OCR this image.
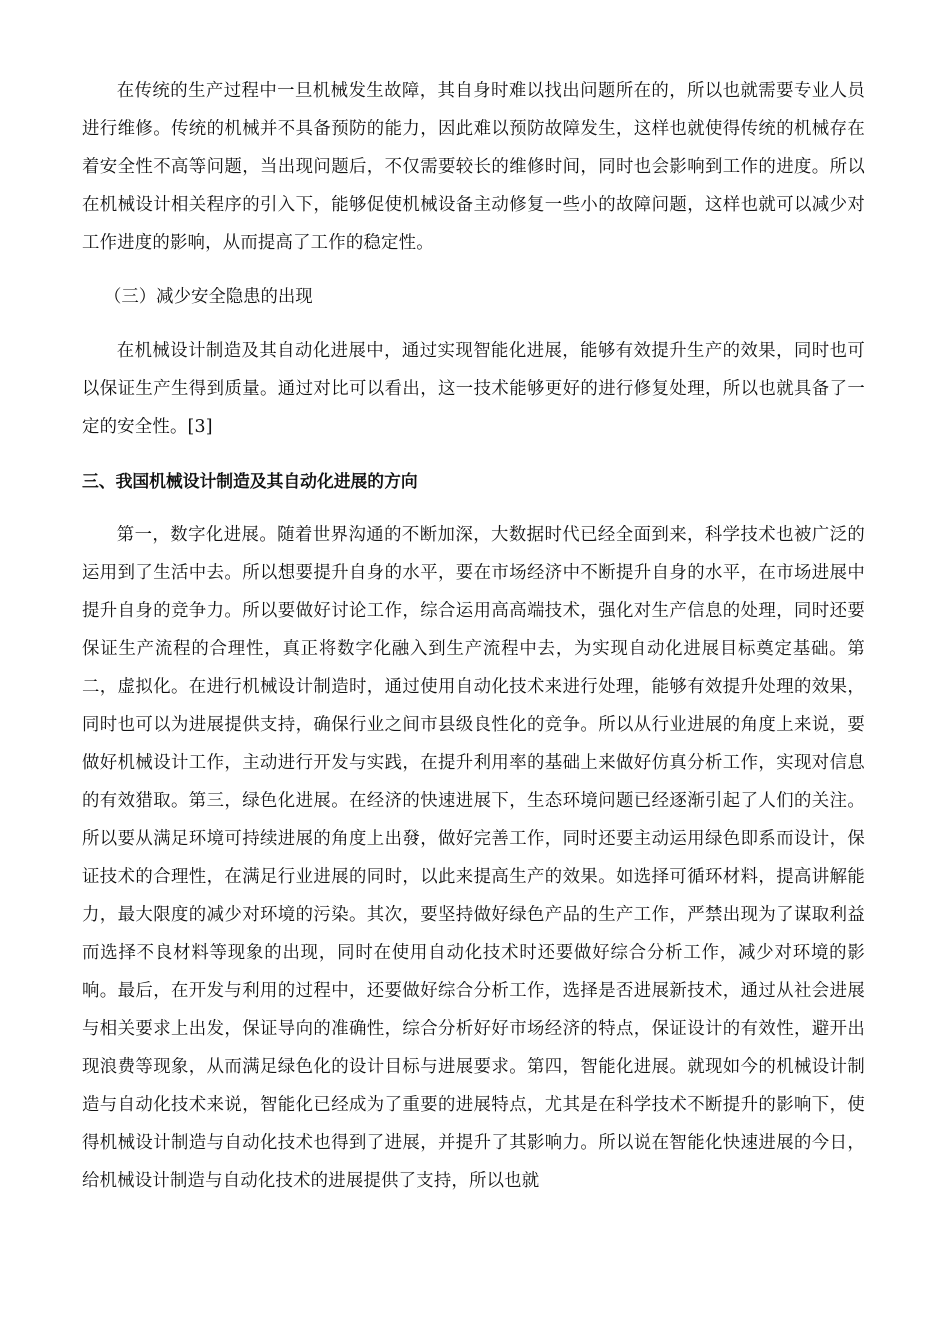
在传统的生产过程中一旦机械发生故障，其自身时难以找出问题所在的，所以也就需要专业人员进行维修。传统的机械并不具备预防的能力，因此难以预防故障发生，这样也就使得传统的机械存在着安全性不高等问题，当出现问题后，不仅需要较长的维修时间，同时也会影响到工作的进度。所以在机械设计相关程序的引入下，能够促使机械设备主动修复一些小的故障问题，这样也就可以减少对工作进度的影响，从而提高了工作的稳定性。

（三）减少安全隐患的出现

在机械设计制造及其自动化进展中，通过实现智能化进展，能够有效提升生产的效果，同时也可以保证生产生得到质量。通过对比可以看出，这一技术能够更好的进行修复处理，所以也就具备了一定的安全性。[3]

三、我国机械设计制造及其自动化进展的方向

第一，数字化进展。随着世界沟通的不断加深，大数据时代已经全面到来，科学技术也被广泛的运用到了生活中去。所以想要提升自身的水平，要在市场经济中不断提升自身的水平，在市场进展中提升自身的竞争力。所以要做好讨论工作，综合运用高高端技术，强化对生产信息的处理，同时还要保证生产流程的合理性，真正将数字化融入到生产流程中去，为实现自动化进展目标奠定基础。第二，虚拟化。在进行机械设计制造时，通过使用自动化技术来进行处理，能够有效提升处理的效果，同时也可以为进展提供支持，确保行业之间市县级良性化的竞争。所以从行业进展的角度上来说，要做好机械设计工作，主动进行开发与实践，在提升利用率的基础上来做好仿真分析工作，实现对信息的有效猎取。第三，绿色化进展。在经济的快速进展下，生态环境问题已经逐渐引起了人们的关注。所以要从满足环境可持续进展的角度上出發，做好完善工作，同时还要主动运用绿色即系而设计，保证技术的合理性，在满足行业进展的同时，以此来提高生产的效果。如选择可循环材料，提高讲解能力，最大限度的减少对环境的污染。其次，要坚持做好绿色产品的生产工作，严禁出现为了谋取利益而选择不良材料等现象的出现，同时在使用自动化技术时还要做好综合分析工作，减少对环境的影响。最后，在开发与利用的过程中，还要做好综合分析工作，选择是否进展新技术，通过从社会进展与相关要求上出发，保证导向的准确性，综合分析好好市场经济的特点，保证设计的有效性，避开出现浪费等现象，从而满足绿色化的设计目标与进展要求。第四，智能化进展。就现如今的机械设计制造与自动化技术来说，智能化已经成为了重要的进展特点，尤其是在科学技术不断提升的影响下，使得机械设计制造与自动化技术也得到了进展，并提升了其影响力。所以说在智能化快速进展的今日，给机械设计制造与自动化技术的进展提供了支持，所以也就
